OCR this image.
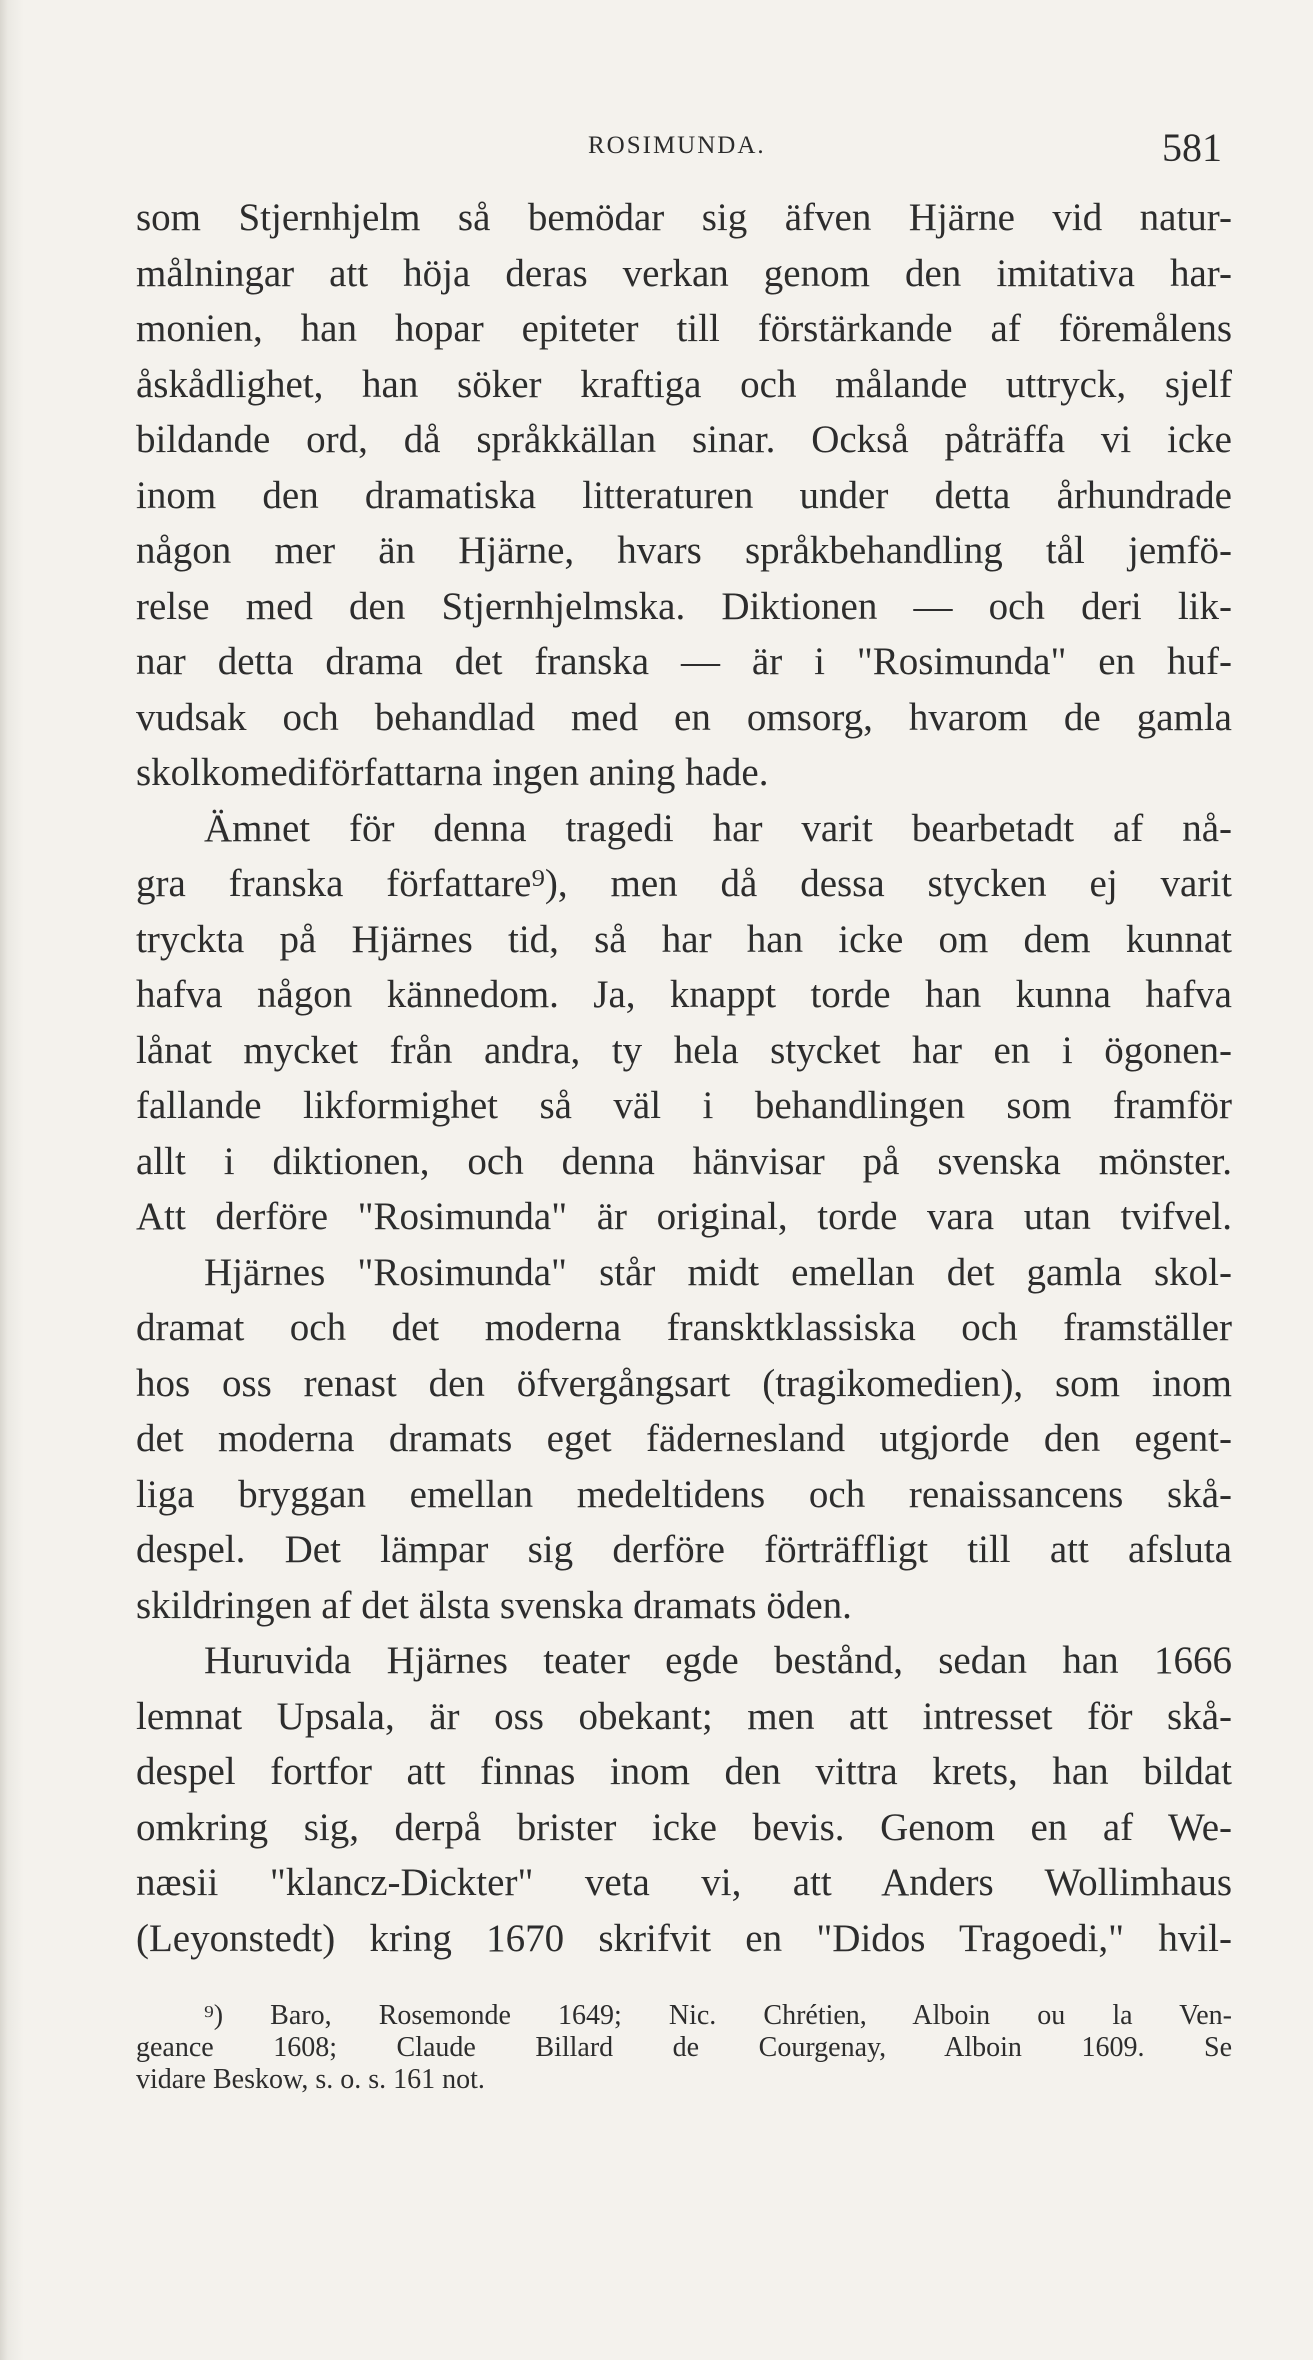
ROSIMUNDA.	581
som Stjernhjelm så bemödar sig äfven Hjärne vid natur-
målningar att höja deras verkan genom den imitativa har-
monien, han hopar epiteter till förstärkande af föremålens
åskådlighet, han söker kraftiga och målande uttryck, sjelf
bildande ord, då språkkällan sinar. Också påträffa vi icke
inom den dramatiska litteraturen under detta århundrade
någon mer än Hjärne, hvars språkbehandling tål jemfö-
relse med den Stjernhjelmska. Diktionen — och deri lik-
nar detta drama det franska — är i "Rosimunda" en huf-
vudsak och behandlad med en omsorg, hvarom de gamla
skolkomediförfattarna ingen aning hade.
Ämnet för denna tragedi har varit bearbetadt af nå-
gra franska författare⁹), men då dessa stycken ej varit
tryckta på Hjärnes tid, så har han icke om dem kunnat
hafva någon kännedom. Ja, knappt torde han kunna hafva
lånat mycket från andra, ty hela stycket har en i ögonen-
fallande likformighet så väl i behandlingen som framför
allt i diktionen, och denna hänvisar på svenska mönster.
Att derföre "Rosimunda" är original, torde vara utan tvifvel.
Hjärnes "Rosimunda" står midt emellan det gamla skol-
dramat och det moderna fransktklassiska och framställer
hos oss renast den öfvergångsart (tragikomedien), som inom
det moderna dramats eget fädernesland utgjorde den egent-
liga bryggan emellan medeltidens och renaissancens skå-
despel. Det lämpar sig derföre förträffligt till att afsluta
skildringen af det älsta svenska dramats öden.
Huruvida Hjärnes teater egde bestånd, sedan han 1666
lemnat Upsala, är oss obekant; men att intresset för skå-
despel fortfor att finnas inom den vittra krets, han bildat
omkring sig, derpå brister icke bevis. Genom en af We-
næsii "klancz-Dickter" veta vi, att Anders Wollimhaus
(Leyonstedt) kring 1670 skrifvit en "Didos Tragoedi," hvil-
⁹) Baro, Rosemonde 1649; Nic. Chrétien, Alboin ou la Ven-
geance 1608; Claude Billard de Courgenay, Alboin 1609. Se
vidare Beskow, s. o. s. 161 not.
